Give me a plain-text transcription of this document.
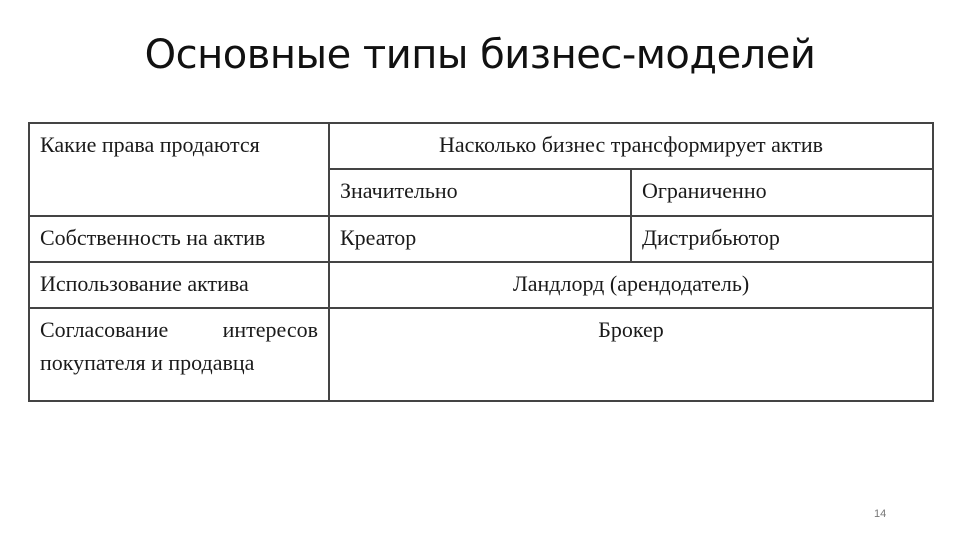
Основные типы бизнес-моделей
Какие права продаются	Насколько бизнес трансформирует актив	
	Значительно	Ограниченно
Собственность на актив	Креатор	Дистрибьютор
Использование актива	Ландлорд (арендодатель)	

Согласование интересов
покупателя и продавца	Брокер	
14
